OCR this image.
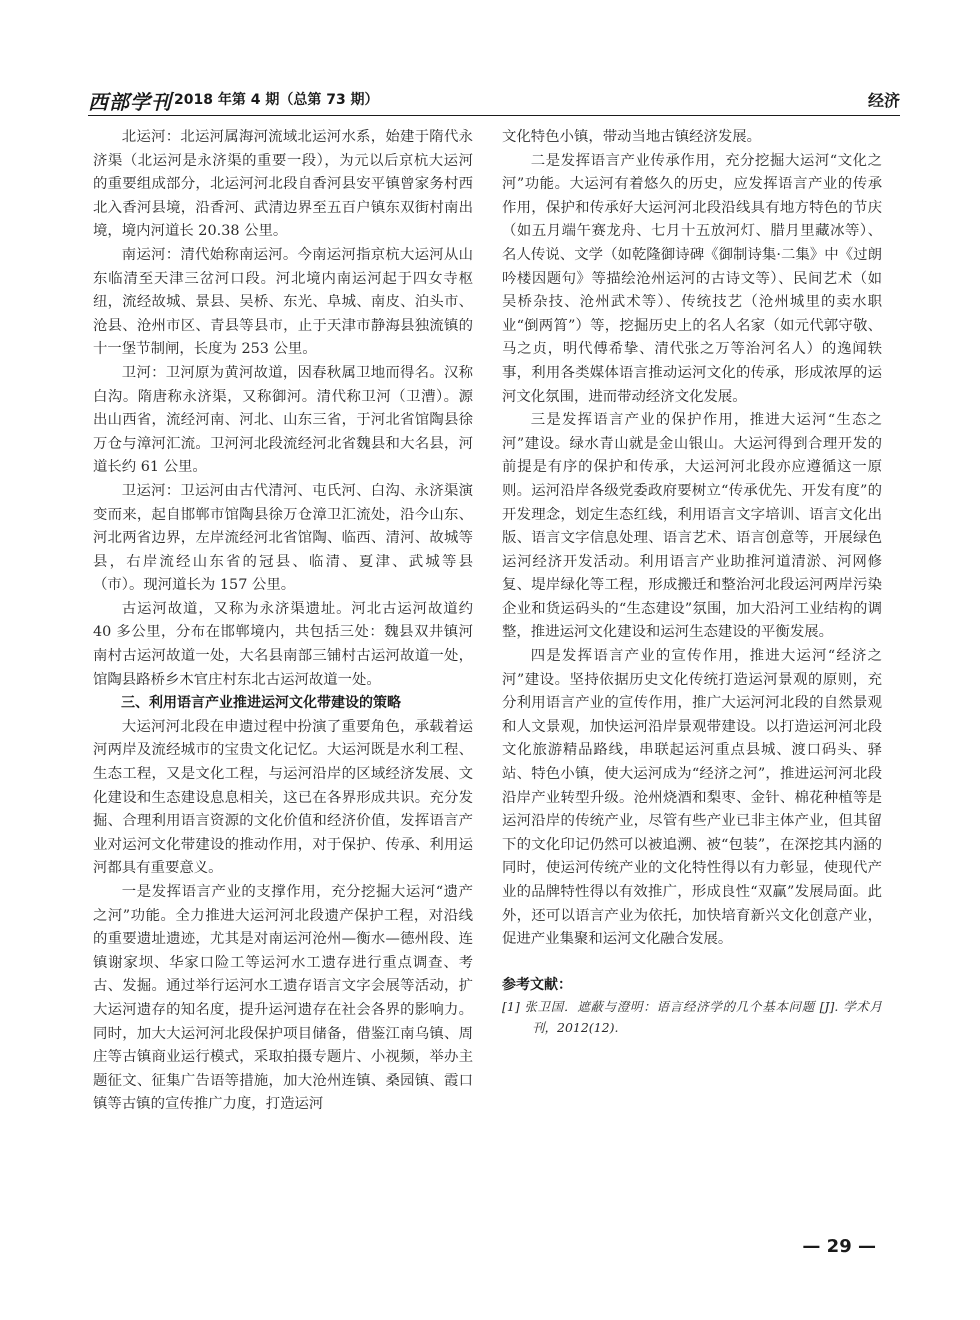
西部学刊 2018 年第 4 期（总第 73 期）	经济

北运河：北运河属海河流域北运河水系，始建于隋代永济渠（北运河是永济渠的重要一段），为元以后京杭大运河的重要组成部分，北运河河北段自香河县安平镇曾家务村西北入香河县境，沿香河、武清边界至五百户镇东双街村南出境，境内河道长 20.38 公里。

南运河：清代始称南运河。今南运河指京杭大运河从山东临清至天津三岔河口段。河北境内南运河起于四女寺枢纽，流经故城、景县、吴桥、东光、阜城、南皮、泊头市、沧县、沧州市区、青县等县市，止于天津市静海县独流镇的十一堡节制闸，长度为 253 公里。

卫河：卫河原为黄河故道，因春秋属卫地而得名。汉称白沟。隋唐称永济渠，又称御河。清代称卫河（卫漕）。源出山西省，流经河南、河北、山东三省，于河北省馆陶县徐万仓与漳河汇流。卫河河北段流经河北省魏县和大名县，河道长约 61 公里。

卫运河：卫运河由古代清河、屯氏河、白沟、永济渠演变而来，起自邯郸市馆陶县徐万仓漳卫汇流处，沿今山东、河北两省边界，左岸流经河北省馆陶、临西、清河、故城等县，右岸流经山东省的冠县、临清、夏津、武城等县（市）。现河道长为 157 公里。

古运河故道，又称为永济渠遗址。河北古运河故道约 40 多公里，分布在邯郸境内，共包括三处：魏县双井镇河南村古运河故道一处，大名县南部三铺村古运河故道一处，馆陶县路桥乡木官庄村东北古运河故道一处。

三、利用语言产业推进运河文化带建设的策略

大运河河北段在申遗过程中扮演了重要角色，承载着运河两岸及流经城市的宝贵文化记忆。大运河既是水利工程、生态工程，又是文化工程，与运河沿岸的区域经济发展、文化建设和生态建设息息相关，这已在各界形成共识。充分发掘、合理利用语言资源的文化价值和经济价值，发挥语言产业对运河文化带建设的推动作用，对于保护、传承、利用运河都具有重要意义。

一是发挥语言产业的支撑作用，充分挖掘大运河“遗产之河”功能。全力推进大运河河北段遗产保护工程，对沿线的重要遗址遗迹，尤其是对南运河沧州—衡水—德州段、连镇谢家坝、华家口险工等运河水工遗存进行重点调查、考古、发掘。通过举行运河水工遗存语言文字会展等活动，扩大运河遗存的知名度，提升运河遗存在社会各界的影响力。同时，加大大运河河北段保护项目储备，借鉴江南乌镇、周庄等古镇商业运行模式，采取拍摄专题片、小视频，举办主题征文、征集广告语等措施，加大沧州连镇、桑园镇、霞口镇等古镇的宣传推广力度，打造运河

文化特色小镇，带动当地古镇经济发展。

二是发挥语言产业传承作用，充分挖掘大运河“文化之河”功能。大运河有着悠久的历史，应发挥语言产业的传承作用，保护和传承好大运河河北段沿线具有地方特色的节庆（如五月端午赛龙舟、七月十五放河灯、腊月里藏冰等）、名人传说、文学（如乾隆御诗碑《御制诗集·二集》中《过朗吟楼因题句》等描绘沧州运河的古诗文等）、民间艺术（如吴桥杂技、沧州武术等）、传统技艺（沧州城里的卖水职业“倒两筲”）等，挖掘历史上的名人名家（如元代郭守敬、马之贞，明代傅希挚、清代张之万等治河名人）的逸闻轶事，利用各类媒体语言推动运河文化的传承，形成浓厚的运河文化氛围，进而带动经济文化发展。

三是发挥语言产业的保护作用，推进大运河“生态之河”建设。绿水青山就是金山银山。大运河得到合理开发的前提是有序的保护和传承，大运河河北段亦应遵循这一原则。运河沿岸各级党委政府要树立“传承优先、开发有度”的开发理念，划定生态红线，利用语言文字培训、语言文化出版、语言文字信息处理、语言艺术、语言创意等，开展绿色运河经济开发活动。利用语言产业助推河道清淤、河网修复、堤岸绿化等工程，形成搬迁和整治河北段运河两岸污染企业和货运码头的“生态建设”氛围，加大沿河工业结构的调整，推进运河文化建设和运河生态建设的平衡发展。

四是发挥语言产业的宣传作用，推进大运河“经济之河”建设。坚持依据历史文化传统打造运河景观的原则，充分利用语言产业的宣传作用，推广大运河河北段的自然景观和人文景观，加快运河沿岸景观带建设。以打造运河河北段文化旅游精品路线，串联起运河重点县城、渡口码头、驿站、特色小镇，使大运河成为“经济之河”，推进运河河北段沿岸产业转型升级。沧州烧酒和梨枣、金针、棉花种植等是运河沿岸的传统产业，尽管有些产业已非主体产业，但其留下的文化印记仍然可以被追溯、被“包装”，在深挖其内涵的同时，使运河传统产业的文化特性得以有力彰显，使现代产业的品牌特性得以有效推广，形成良性“双赢”发展局面。此外，还可以语言产业为依托，加快培育新兴文化创意产业，促进产业集聚和运河文化融合发展。

参考文献：
[1] 张卫国．遮蔽与澄明：语言经济学的几个基本问题 [J]. 学术月刊，2012(12).
— 29 —
